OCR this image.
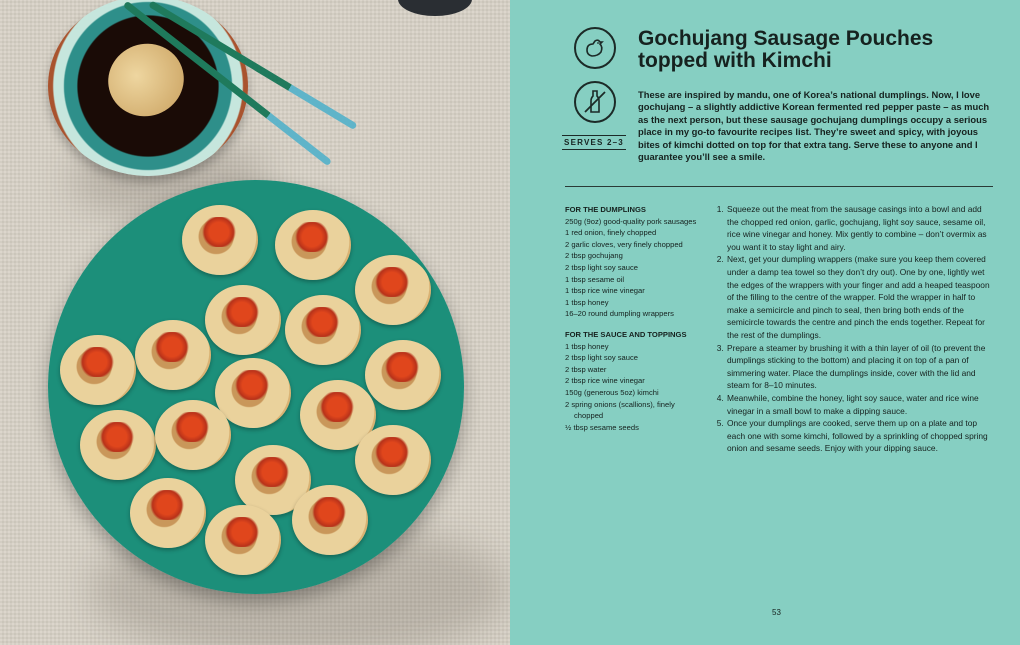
SERVES 2–3
Gochujang Sausage Pouches topped with Kimchi
These are inspired by mandu, one of Korea’s national dumplings. Now, I love gochujang – a slightly addictive Korean fermented red pepper paste – as much as the next person, but these sausage gochujang dumplings occupy a serious place in my go-to favourite recipes list. They’re sweet and spicy, with joyous bites of kimchi dotted on top for that extra tang. Serve these to anyone and I guarantee you’ll see a smile.
FOR THE DUMPLINGS
250g (9oz) good-quality pork sausages
1 red onion, finely chopped
2 garlic cloves, very finely chopped
2 tbsp gochujang
2 tbsp light soy sauce
1 tbsp sesame oil
1 tbsp rice wine vinegar
1 tbsp honey
16–20 round dumpling wrappers
FOR THE SAUCE AND TOPPINGS
1 tbsp honey
2 tbsp light soy sauce
2 tbsp water
2 tbsp rice wine vinegar
150g (generous 5oz) kimchi
2 spring onions (scallions), finely chopped
½ tbsp sesame seeds
1. Squeeze out the meat from the sausage casings into a bowl and add the chopped red onion, garlic, gochujang, light soy sauce, sesame oil, rice wine vinegar and honey. Mix gently to combine – don’t overmix as you want it to stay light and airy.
2. Next, get your dumpling wrappers (make sure you keep them covered under a damp tea towel so they don’t dry out). One by one, lightly wet the edges of the wrappers with your finger and add a heaped teaspoon of the filling to the centre of the wrapper. Fold the wrapper in half to make a semicircle and pinch to seal, then bring both ends of the semicircle towards the centre and pinch the ends together. Repeat for the rest of the dumplings.
3. Prepare a steamer by brushing it with a thin layer of oil (to prevent the dumplings sticking to the bottom) and placing it on top of a pan of simmering water. Place the dumplings inside, cover with the lid and steam for 8–10 minutes.
4. Meanwhile, combine the honey, light soy sauce, water and rice wine vinegar in a small bowl to make a dipping sauce.
5. Once your dumplings are cooked, serve them up on a plate and top each one with some kimchi, followed by a sprinkling of chopped spring onion and sesame seeds. Enjoy with your dipping sauce.
53
